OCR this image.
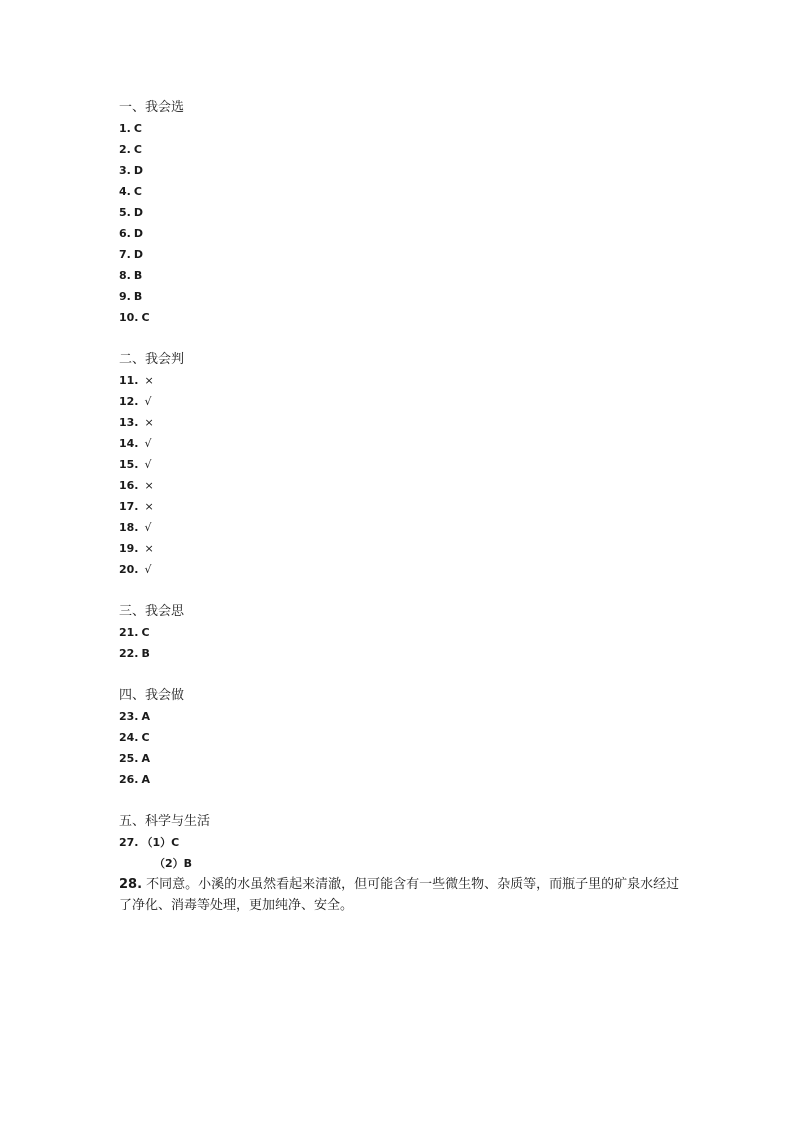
一、我会选
1. C
2. C
3. D
4. C
5. D
6. D
7. D
8. B
9. B
10. C
二、我会判
11. ×
12. √
13. ×
14. √
15. √
16. ×
17. ×
18. √
19. ×
20. √
三、我会思
21. C
22. B
四、我会做
23. A
24. C
25. A
26. A
五、科学与生活
27. （1）C
（2）B
28. 不同意。小溪的水虽然看起来清澈，但可能含有一些微生物、杂质等，而瓶子里的矿泉水经过了净化、消毒等处理，更加纯净、安全。
